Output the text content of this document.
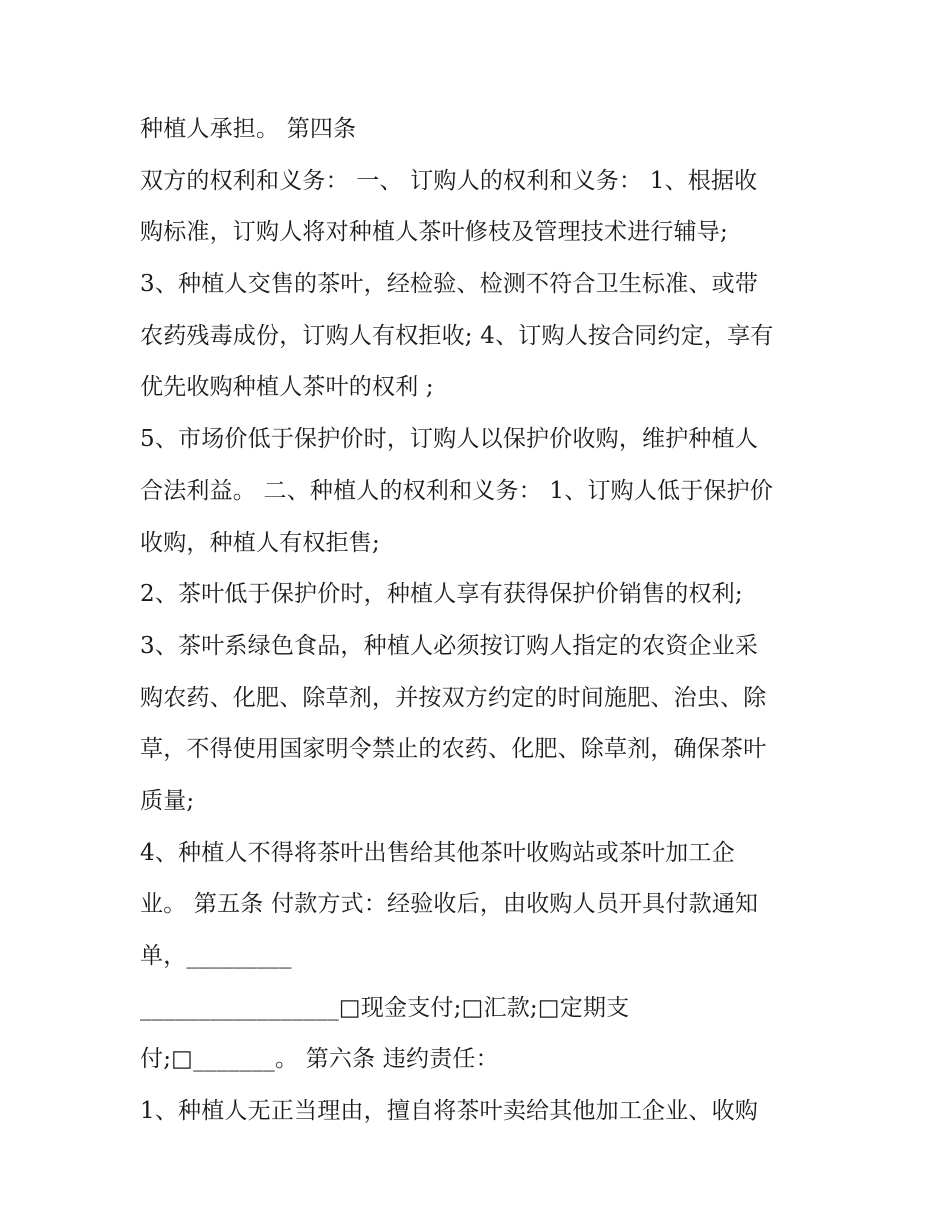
种植人承担。 第四条
双方的权利和义务： 一、 订购人的权利和义务： 1、根据收
购标准，订购人将对种植人茶叶修枝及管理技术进行辅导;
3、种植人交售的茶叶，经检验、检测不符合卫生标准、或带
农药残毒成份，订购人有权拒收; 4、订购人按合同约定，享有
优先收购种植人茶叶的权利 ;
5、市场价低于保护价时，订购人以保护价收购，维护种植人
合法利益。 二、种植人的权利和义务： 1、订购人低于保护价
收购，种植人有权拒售;
2、茶叶低于保护价时，种植人享有获得保护价销售的权利;
3、茶叶系绿色食品，种植人必须按订购人指定的农资企业采
购农药、化肥、除草剂，并按双方约定的时间施肥、治虫、除
草，不得使用国家明令禁止的农药、化肥、除草剂，确保茶叶
质量;
4、种植人不得将茶叶出售给其他茶叶收购站或茶叶加工企
业。 第五条 付款方式：经验收后，由收购人员开具付款通知
单，_________
_________________□现金支付;□汇款;□定期支
付;□_______。 第六条 违约责任：
1、种植人无正当理由，擅自将茶叶卖给其他加工企业、收购
